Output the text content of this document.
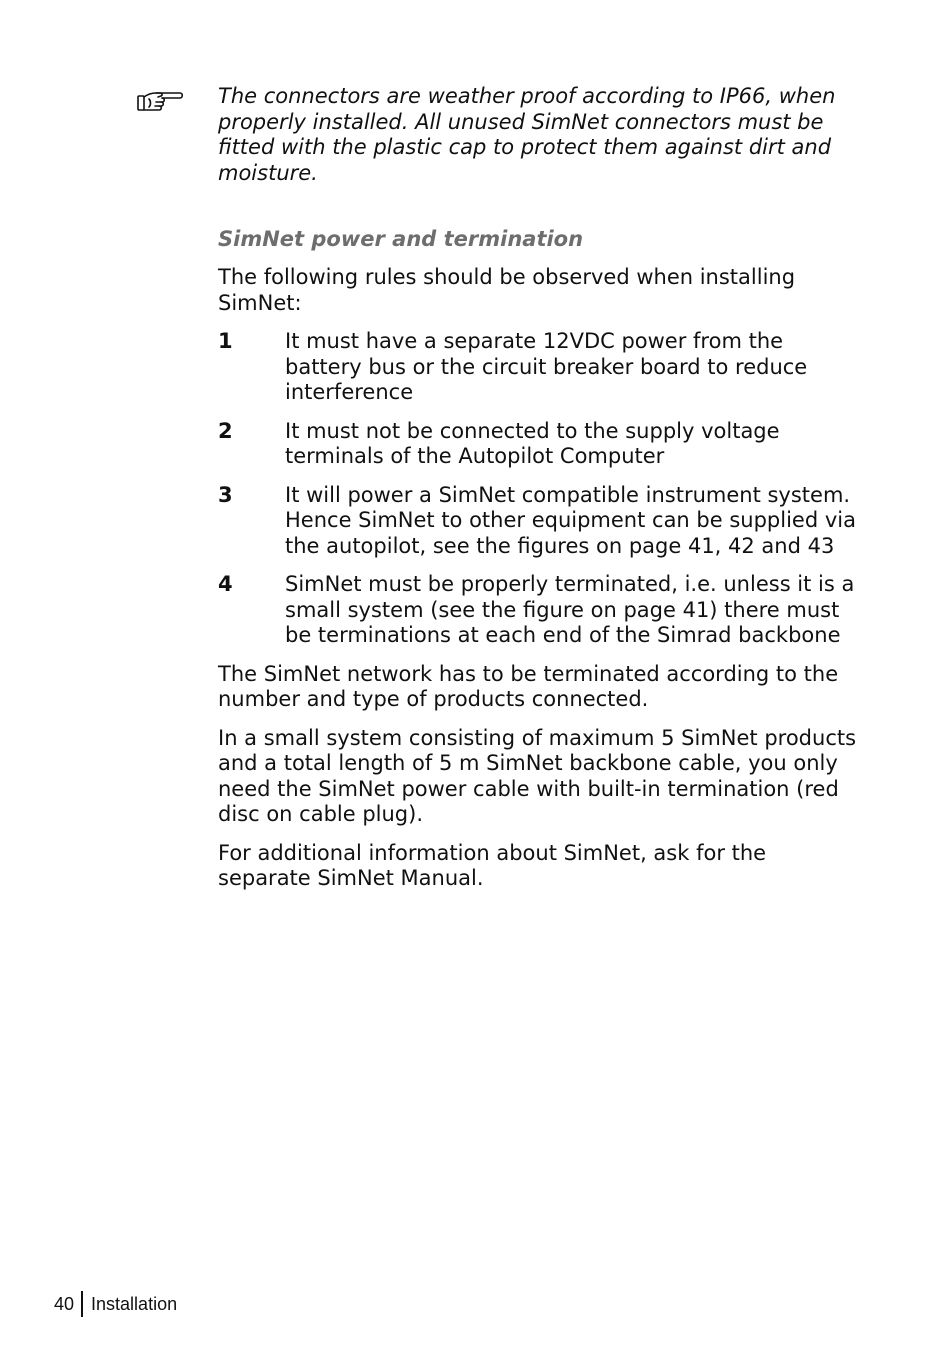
The connectors are weather proof according to IP66, when properly installed. All unused SimNet connectors must be fitted with the plastic cap to protect them against dirt and moisture.

SimNet power and termination

The following rules should be observed when installing SimNet:

1	It must have a separate 12VDC power from the battery bus or the circuit breaker board to reduce interference
2	It must not be connected to the supply voltage terminals of the Autopilot Computer
3	It will power a SimNet compatible instrument system. Hence SimNet to other equipment can be supplied via the autopilot, see the figures on page 41, 42 and 43
4	SimNet must be properly terminated, i.e. unless it is a small system (see the figure on page 41) there must be terminations at each end of the Simrad backbone

The SimNet network has to be terminated according to the number and type of products connected.

In a small system consisting of maximum 5 SimNet products and a total length of 5 m SimNet backbone cable, you only need the SimNet power cable with built-in termination (red disc on cable plug).

For additional information about SimNet, ask for the separate SimNet Manual.

40 Installation
